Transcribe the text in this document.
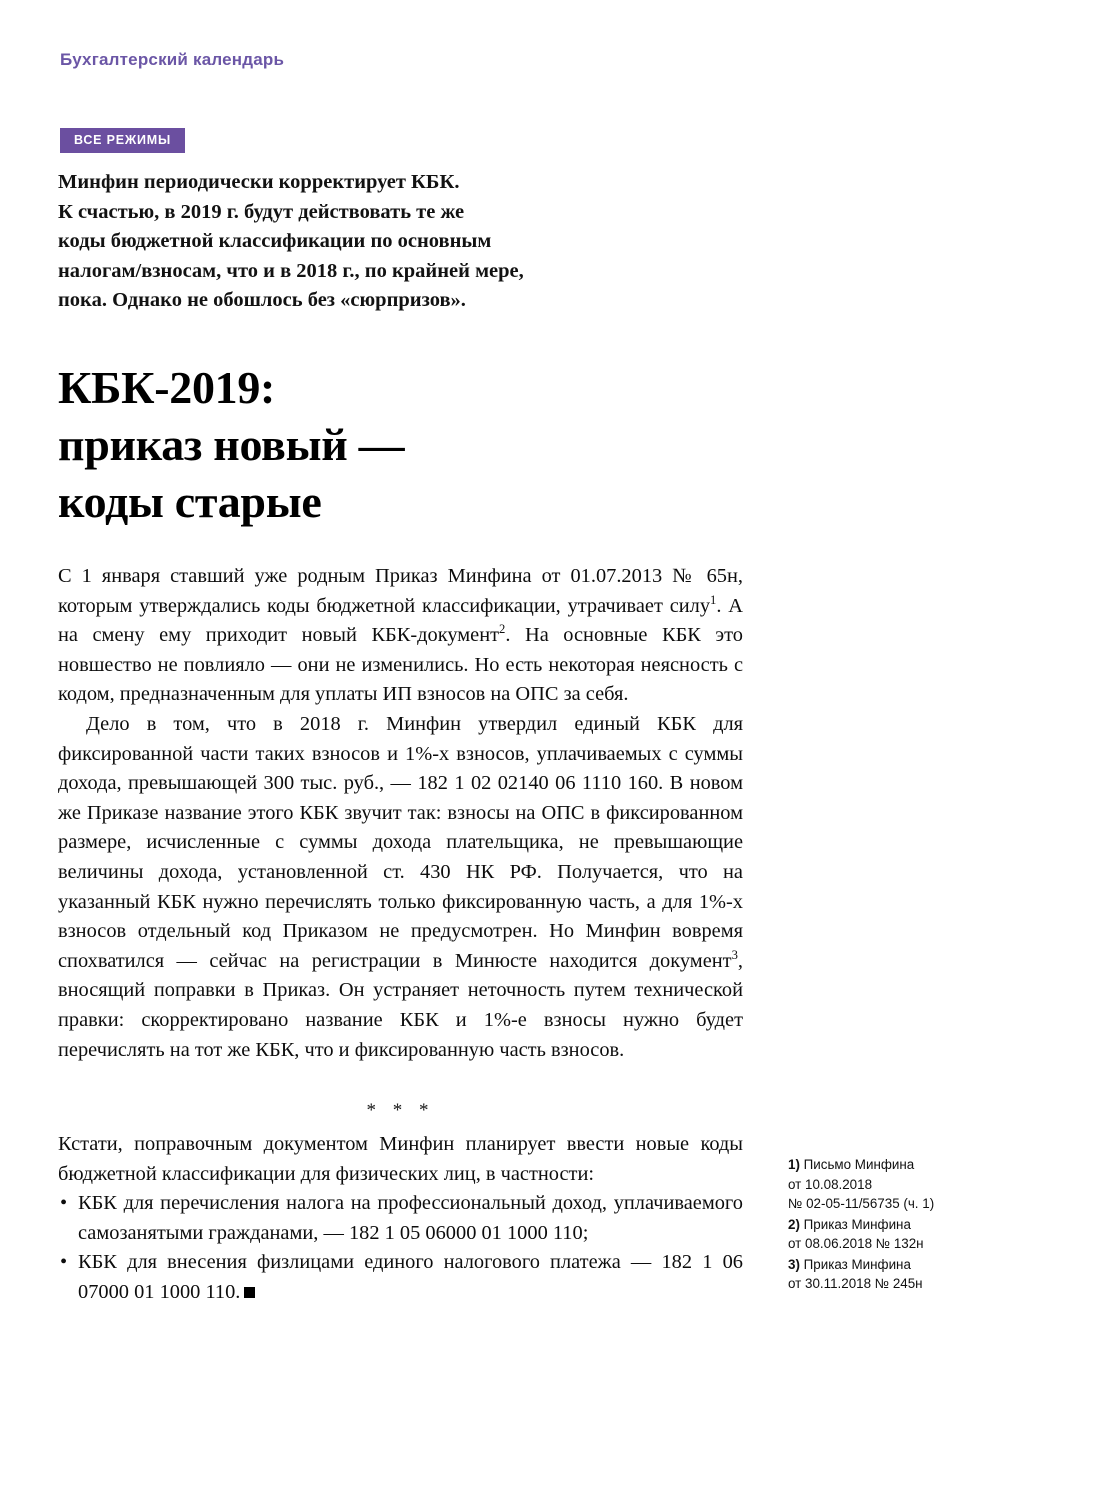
Бухгалтерский календарь
ВСЕ РЕЖИМЫ
Минфин периодически корректирует КБК.
К счастью, в 2019 г. будут действовать те же
коды бюджетной классификации по основным
налогам/взносам, что и в 2018 г., по крайней мере,
пока. Однако не обошлось без «сюрпризов».
КБК-2019:
приказ новый —
коды старые

С 1 января ставший уже родным Приказ Минфина от 01.07.2013 № 65н, которым утверждались коды бюджетной классификации, утрачивает силу$^1$. А на смену ему приходит новый КБК-документ$^2$. На основные КБК это новшество не повлияло — они не изменились. Но есть некоторая неясность с кодом, предназначенным для уплаты ИП взносов на ОПС за себя.

Дело в том, что в 2018 г. Минфин утвердил единый КБК для фиксированной части таких взносов и 1%-х взносов, уплачиваемых с суммы дохода, превышающей 300 тыс. руб., — 182 1 02 02140 06 1110 160. В новом же Приказе название этого КБК звучит так: взносы на ОПС в фиксированном размере, исчисленные с суммы дохода плательщика, не превышающие величины дохода, установленной ст. 430 НК РФ. Получается, что на указанный КБК нужно перечислять только фиксированную часть, а для 1%-х взносов отдельный код Приказом не предусмотрен. Но Минфин вовремя спохватился — сейчас на регистрации в Минюсте находится документ$^3$, вносящий поправки в Приказ. Он устраняет неточность путем технической правки: скорректировано название КБК и 1%-е взносы нужно будет перечислять на тот же КБК, что и фиксированную часть взносов.

* * *

Кстати, поправочным документом Минфин планирует ввести новые коды бюджетной классификации для физических лиц, в частности:

• КБК для перечисления налога на профессиональный доход, уплачиваемого самозанятыми гражданами, — 182 1 05 06000 01 1000 110;
• КБК для внесения физлицами единого налогового платежа — 182 1 06 07000 01 1000 110.
1) Письмо Минфина
от 10.08.2018
№ 02-05-11/56735 (ч. 1)
2) Приказ Минфина
от 08.06.2018 № 132н
3) Приказ Минфина
от 30.11.2018 № 245н
